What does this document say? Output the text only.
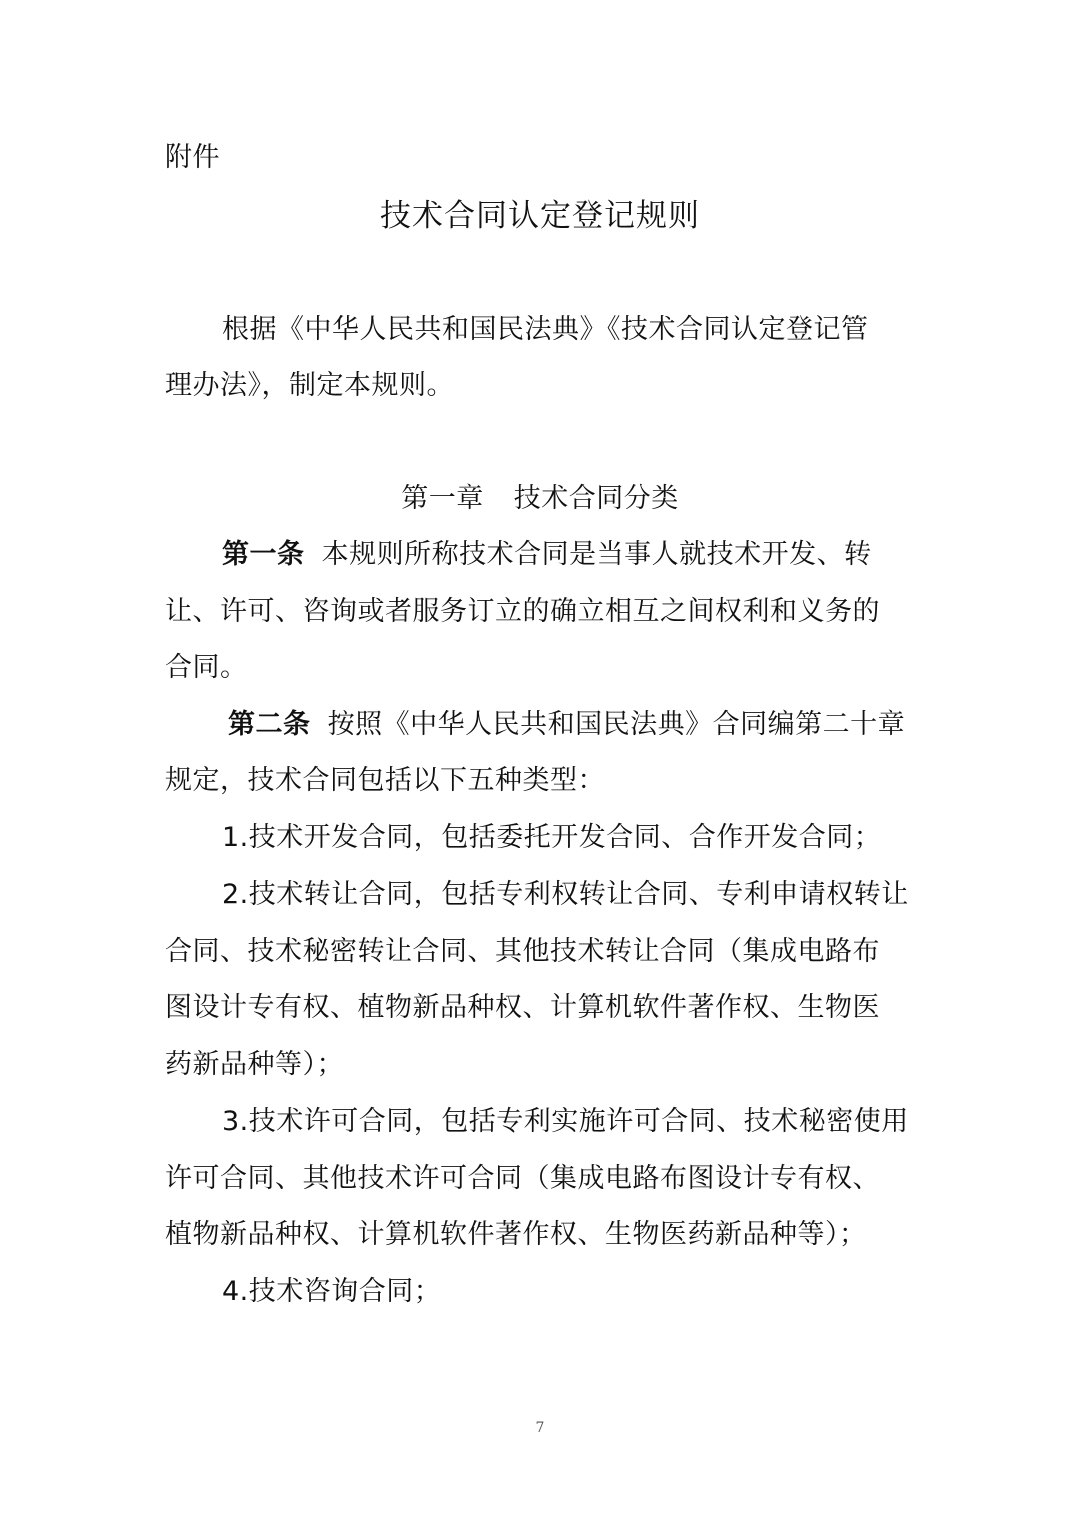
附件
技术合同认定登记规则
根据《中华人民共和国民法典》《技术合同认定登记管
理办法》，制定本规则。
第一章 技术合同分类
第一条 本规则所称技术合同是当事人就技术开发、转
让、许可、咨询或者服务订立的确立相互之间权利和义务的
合同。
第二条 按照《中华人民共和国民法典》合同编第二十章
规定，技术合同包括以下五种类型：
1.技术开发合同，包括委托开发合同、合作开发合同；
2.技术转让合同，包括专利权转让合同、专利申请权转让
合同、技术秘密转让合同、其他技术转让合同（集成电路布
图设计专有权、植物新品种权、计算机软件著作权、生物医
药新品种等）；
3.技术许可合同，包括专利实施许可合同、技术秘密使用
许可合同、其他技术许可合同（集成电路布图设计专有权、
植物新品种权、计算机软件著作权、生物医药新品种等）；
4.技术咨询合同；
7
